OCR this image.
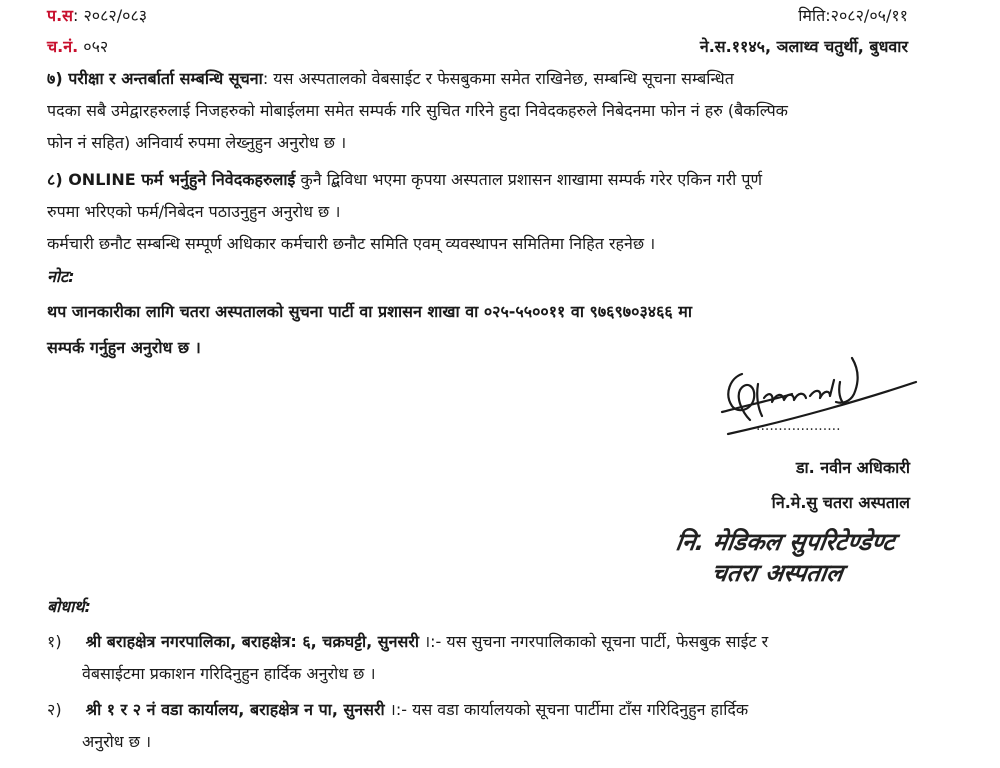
प.स: २०८२/०८३	मिति:२०८२/०५/११
च.नं. ०५२	ने.स.११४५, ञलाथ्व चतुर्थी, बुधवार
७) परीक्षा र अन्तर्बार्ता सम्बन्धि सूचना: यस अस्पतालको वेबसाईट र फेसबुकमा समेत राखिनेछ, सम्बन्धि सूचना सम्बन्धित
पदका सबै उमेद्वारहरुलाई निजहरुको मोबाईलमा समेत सम्पर्क गरि सुचित गरिने हुदा निवेदकहरुले निबेदनमा फोन नं हरु (बैकल्पिक
फोन नं सहित) अनिवार्य रुपमा लेख्नुहुन अनुरोध छ ।
८) ONLINE फर्म भर्नुहुने निवेदकहरुलाई कुनै द्बिविधा भएमा कृपया अस्पताल प्रशासन शाखामा सम्पर्क गरेर एकिन गरी पूर्ण
रुपमा भरिएको फर्म/निबेदन पठाउनुहुन अनुरोध छ ।
कर्मचारी छनौट सम्बन्धि सम्पूर्ण अधिकार कर्मचारी छनौट समिति एवम् व्यवस्थापन समितिमा निहित रहनेछ ।
नोट:
थप जानकारीका लागि चतरा अस्पतालको सुचना पार्टी वा प्रशासन शाखा वा ०२५-५५००११ वा ९७६९७०३४६६ मा
सम्पर्क गर्नुहुन अनुरोध छ ।
...................
डा. नवीन अधिकारी
नि.मे.सु चतरा अस्पताल
नि. मेडिकल सुपरिटेण्डेण्ट
चतरा अस्पताल
बोधार्थ:
१) श्री बराहक्षेत्र नगरपालिका, बराहक्षेत्र: ६, चक्रघट्टी, सुनसरी ।:- यस सुचना नगरपालिकाको सूचना पार्टी, फेसबुक साईट र
वेबसाईटमा प्रकाशन गरिदिनुहुन हार्दिक अनुरोध छ ।
२) श्री १ र २ नं वडा कार्यालय, बराहक्षेत्र न पा, सुनसरी ।:- यस वडा कार्यालयको सूचना पार्टीमा टाँस गरिदिनुहुन हार्दिक
अनुरोध छ ।
